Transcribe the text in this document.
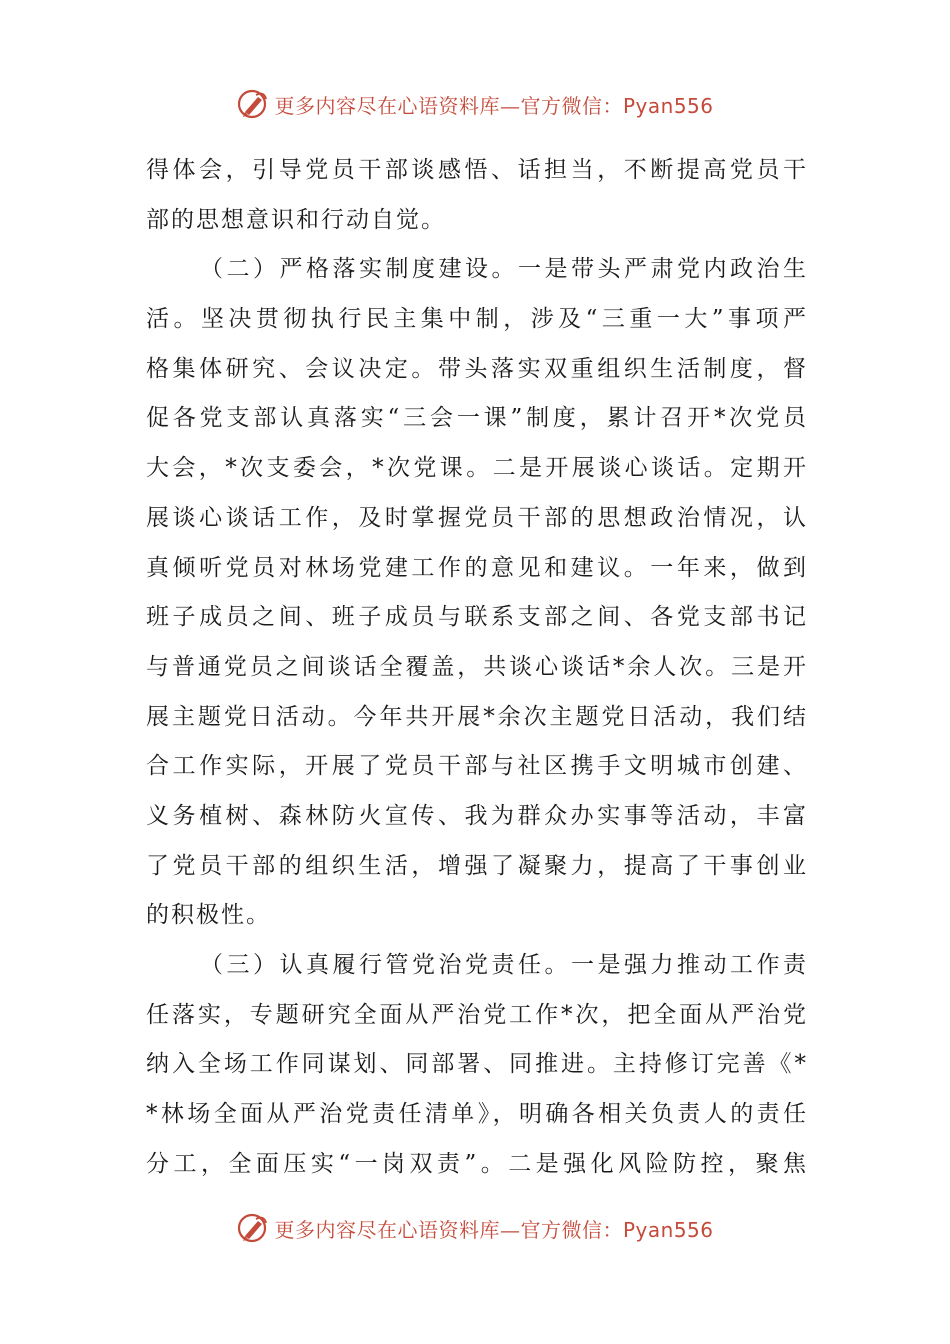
更多内容尽在心语资料库—官方微信：Pyan556
得体会，引导党员干部谈感悟、话担当，不断提高党员干
部的思想意识和行动自觉。
（二）严格落实制度建设。一是带头严肃党内政治生
活。坚决贯彻执行民主集中制，涉及“三重一大”事项严
格集体研究、会议决定。带头落实双重组织生活制度，督
促各党支部认真落实“三会一课”制度，累计召开*次党员
大会，*次支委会，*次党课。二是开展谈心谈话。定期开
展谈心谈话工作，及时掌握党员干部的思想政治情况，认
真倾听党员对林场党建工作的意见和建议。一年来，做到
班子成员之间、班子成员与联系支部之间、各党支部书记
与普通党员之间谈话全覆盖，共谈心谈话*余人次。三是开
展主题党日活动。今年共开展*余次主题党日活动，我们结
合工作实际，开展了党员干部与社区携手文明城市创建、
义务植树、森林防火宣传、我为群众办实事等活动，丰富
了党员干部的组织生活，增强了凝聚力，提高了干事创业
的积极性。
（三）认真履行管党治党责任。一是强力推动工作责
任落实，专题研究全面从严治党工作*次，把全面从严治党
纳入全场工作同谋划、同部署、同推进。主持修订完善《*
*林场全面从严治党责任清单》，明确各相关负责人的责任
分工，全面压实“一岗双责”。二是强化风险防控，聚焦
更多内容尽在心语资料库—官方微信：Pyan556
